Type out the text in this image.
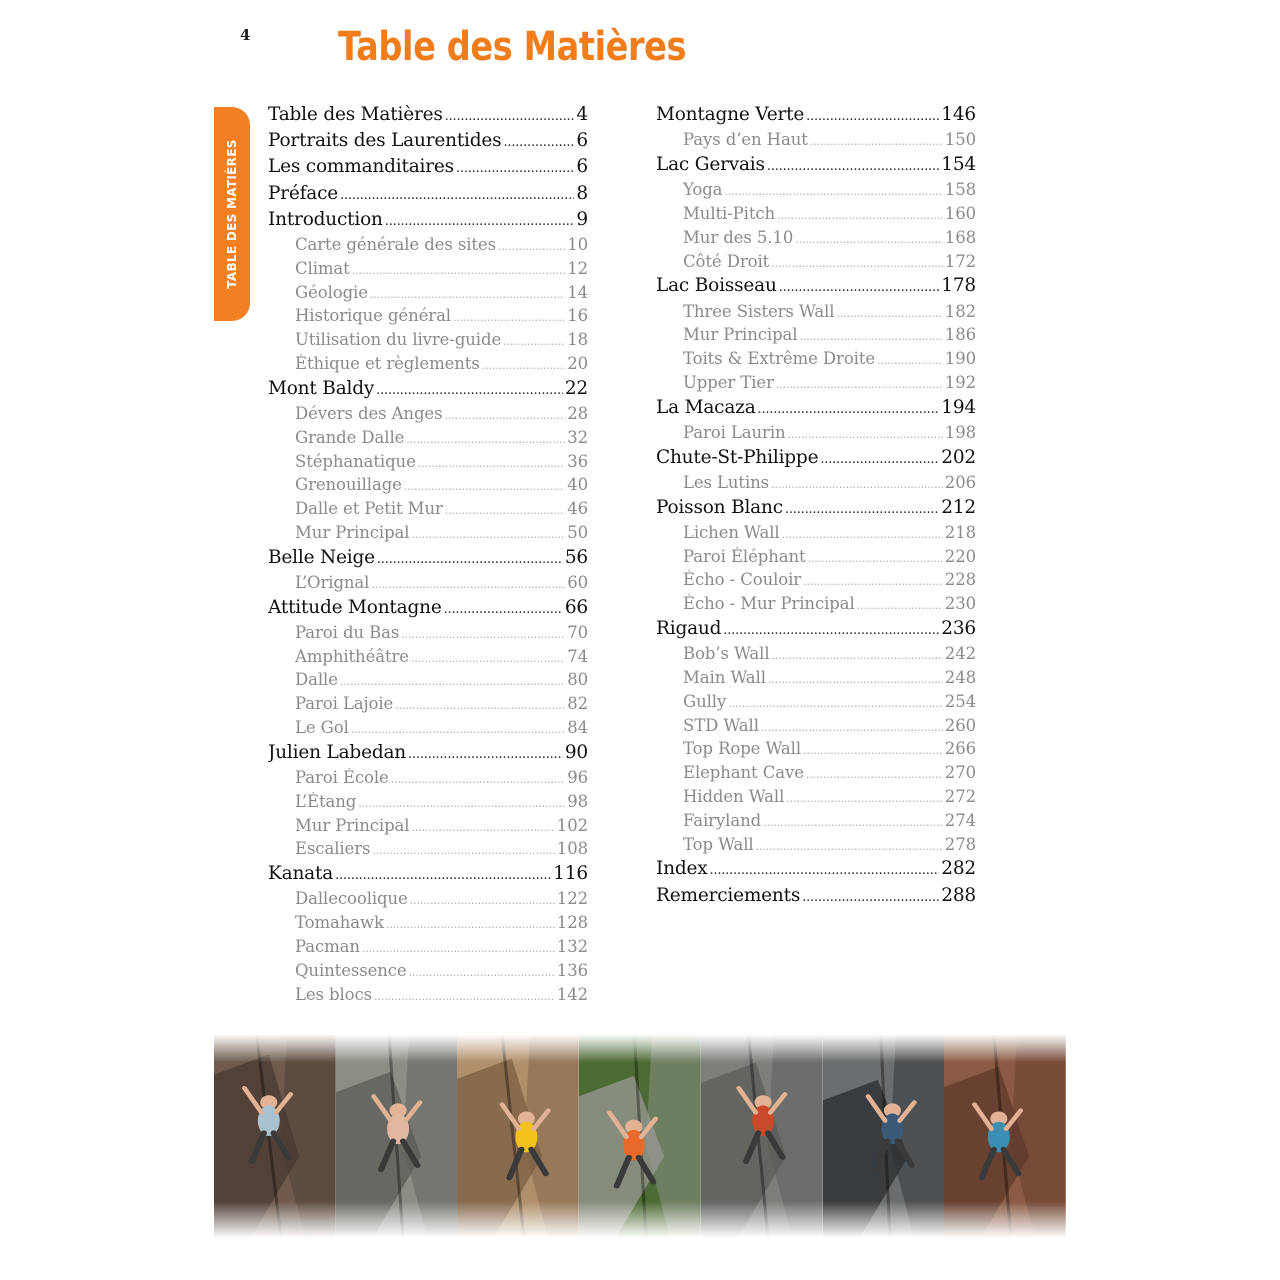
4 Table des Matières
TABLE DES MATIÈRES
Table des Matières .....	4
Portraits des Laurentides .....	6
Les commanditaires .....	6
Préface .....	8
Introduction .....	9
Carte générale des sites .....	10
Climat .....	12
Géologie .....	14
Historique général .....	16
Utilisation du livre-guide .....	18
Éthique et règlements .....	20
Mont Baldy .....	22
Dévers des Anges .....	28
Grande Dalle .....	32
Stéphanatique .....	36
Grenouillage .....	40
Dalle et Petit Mur .....	46
Mur Principal .....	50
Belle Neige .....	56
L’Orignal .....	60
Attitude Montagne .....	66
Paroi du Bas .....	70
Amphithéâtre .....	74
Dalle .....	80
Paroi Lajoie .....	82
Le Gol .....	84
Julien Labedan .....	90
Paroi École .....	96
L’Étang .....	98
Mur Principal .....	102
Escaliers .....	108
Kanata .....	116
Dallecoolique .....	122
Tomahawk .....	128
Pacman .....	132
Quintessence .....	136
Les blocs .....	142
Montagne Verte .....	146
Pays d’en Haut .....	150
Lac Gervais .....	154
Yoga .....	158
Multi-Pitch .....	160
Mur des 5.10 .....	168
Côté Droit .....	172
Lac Boisseau .....	178
Three Sisters Wall .....	182
Mur Principal .....	186
Toits & Extrême Droite .....	190
Upper Tier .....	192
La Macaza .....	194
Paroi Laurin .....	198
Chute-St-Philippe .....	202
Les Lutins .....	206
Poisson Blanc .....	212
Lichen Wall .....	218
Paroi Éléphant .....	220
Écho - Couloir .....	228
Écho - Mur Principal .....	230
Rigaud .....	236
Bob’s Wall .....	242
Main Wall .....	248
Gully .....	254
STD Wall .....	260
Top Rope Wall .....	266
Elephant Cave .....	270
Hidden Wall .....	272
Fairyland .....	274
Top Wall .....	278
Index .....	282
Remerciements .....	288
